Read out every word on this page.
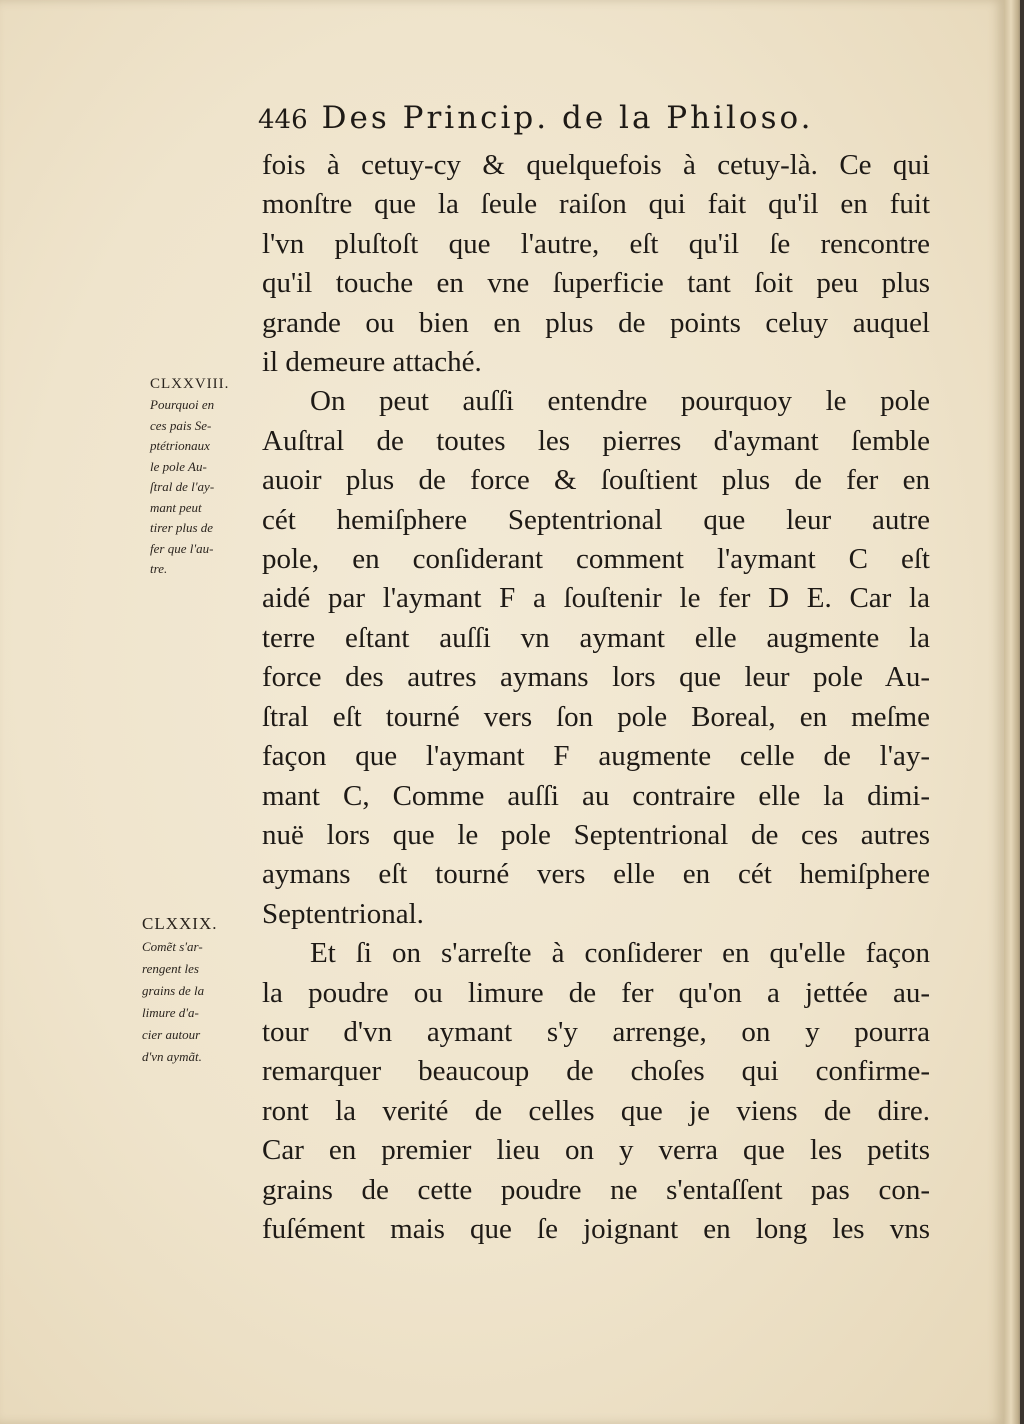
446 Des Princip. de la Philoso.
CLXXVIII.
Pourquoi en
ces pais Se-
ptétrionaux
le pole Au-
ſtral de l'ay-
mant peut
tirer plus de
fer que l'au-
tre.
CLXXIX.
Comẽt s'ar-
rengent les
grains de la
limure d'a-
cier autour
d'vn aymãt.
fois à cetuy-cy & quelquefois à cetuy-là. Ce qui
monſtre que la ſeule raiſon qui fait qu'il en fuit
l'vn pluſtoſt que l'autre, eſt qu'il ſe rencontre
qu'il touche en vne ſuperficie tant ſoit peu plus
grande ou bien en plus de points celuy auquel
il demeure attaché.
On peut auſſi entendre pourquoy le pole
Auſtral de toutes les pierres d'aymant ſemble
auoir plus de force & ſouſtient plus de fer en
cét hemiſphere Septentrional que leur autre
pole, en conſiderant comment l'aymant C eſt
aidé par l'aymant F a ſouſtenir le fer D E. Car la
terre eſtant auſſi vn aymant elle augmente la
force des autres aymans lors que leur pole Au-
ſtral eſt tourné vers ſon pole Boreal, en meſme
façon que l'aymant F augmente celle de l'ay-
mant C, Comme auſſi au contraire elle la dimi-
nuë lors que le pole Septentrional de ces autres
aymans eſt tourné vers elle en cét hemiſphere
Septentrional.
Et ſi on s'arreſte à conſiderer en qu'elle façon
la poudre ou limure de fer qu'on a jettée au-
tour d'vn aymant s'y arrenge, on y pourra
remarquer beaucoup de choſes qui confirme-
ront la verité de celles que je viens de dire.
Car en premier lieu on y verra que les petits
grains de cette poudre ne s'entaſſent pas con-
fuſément mais que ſe joignant en long les vns
